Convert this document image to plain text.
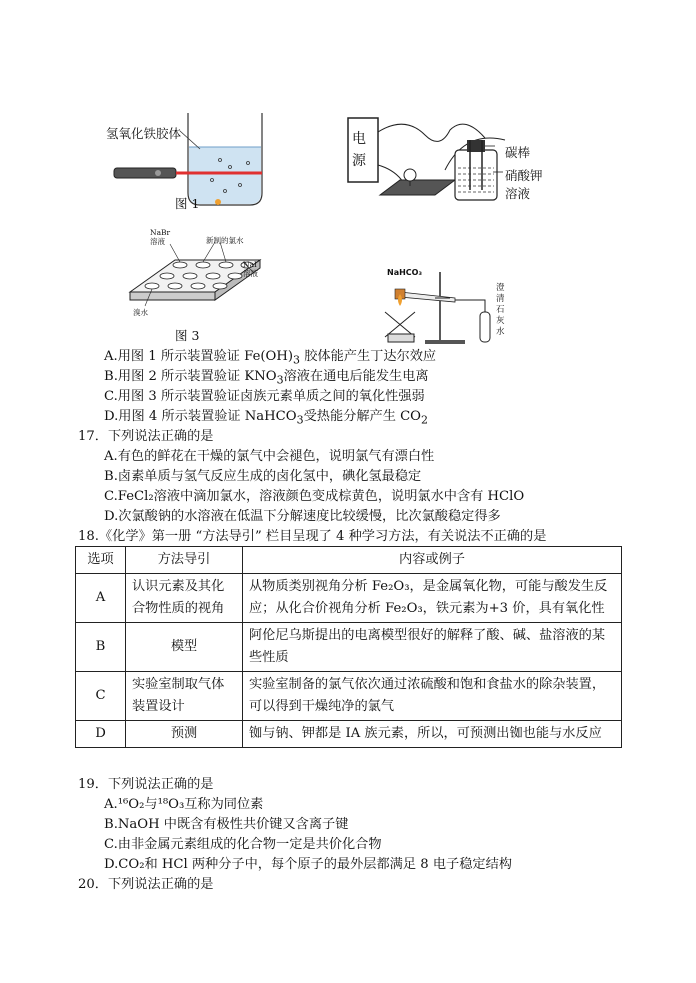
氢氧化铁胶体
图 1
电源
碳棒
硝酸钾
溶液
NaBr
溶液	新制的氯水
NaI
溶液
溴水
图 3
NaHCO₃
澄清石灰水
A.用图 1 所示装置验证 $Fe(OH)_3$ 胶体能产生丁达尔效应
B.用图 2 所示装置验证 $KNO_3$溶液在通电后能发生电离
C.用图 3 所示装置验证卤族元素单质之间的氧化性强弱
D.用图 4 所示装置验证 NaHCO$_3$受热能分解产生 $CO_2$
17．下列说法正确的是
A.有色的鲜花在干燥的氯气中会褪色，说明氯气有漂白性
B.卤素单质与氢气反应生成的卤化氢中，碘化氢最稳定
C.FeCl₂溶液中滴加氯水，溶液颜色变成棕黄色，说明氯水中含有 HClO
D.次氯酸钠的水溶液在低温下分解速度比较缓慢，比次氯酸稳定得多
18.《化学》第一册 “方法导引” 栏目呈现了 4 种学习方法，有关说法不正确的是
选项	方法导引	内容或例子
A	认识元素及其化合物性质的视角	从物质类别视角分析 Fe₂O₃，是金属氧化物，可能与酸发生反应；从化合价视角分析 Fe₂O₃，铁元素为+3 价，具有氧化性
B	模型	阿伦尼乌斯提出的电离模型很好的解释了酸、碱、盐溶液的某些性质
C	实验室制取气体装置设计	实验室制备的氯气依次通过浓硫酸和饱和食盐水的除杂装置，可以得到干燥纯净的氯气
D	预测	铷与钠、钾都是 IA 族元素，所以，可预测出铷也能与水反应
19．下列说法正确的是
A.¹⁶O₂与¹⁸O₃互称为同位素
B.NaOH 中既含有极性共价键又含离子键
C.由非金属元素组成的化合物一定是共价化合物
D.CO₂和 HCl 两种分子中，每个原子的最外层都满足 8 电子稳定结构
20．下列说法正确的是
